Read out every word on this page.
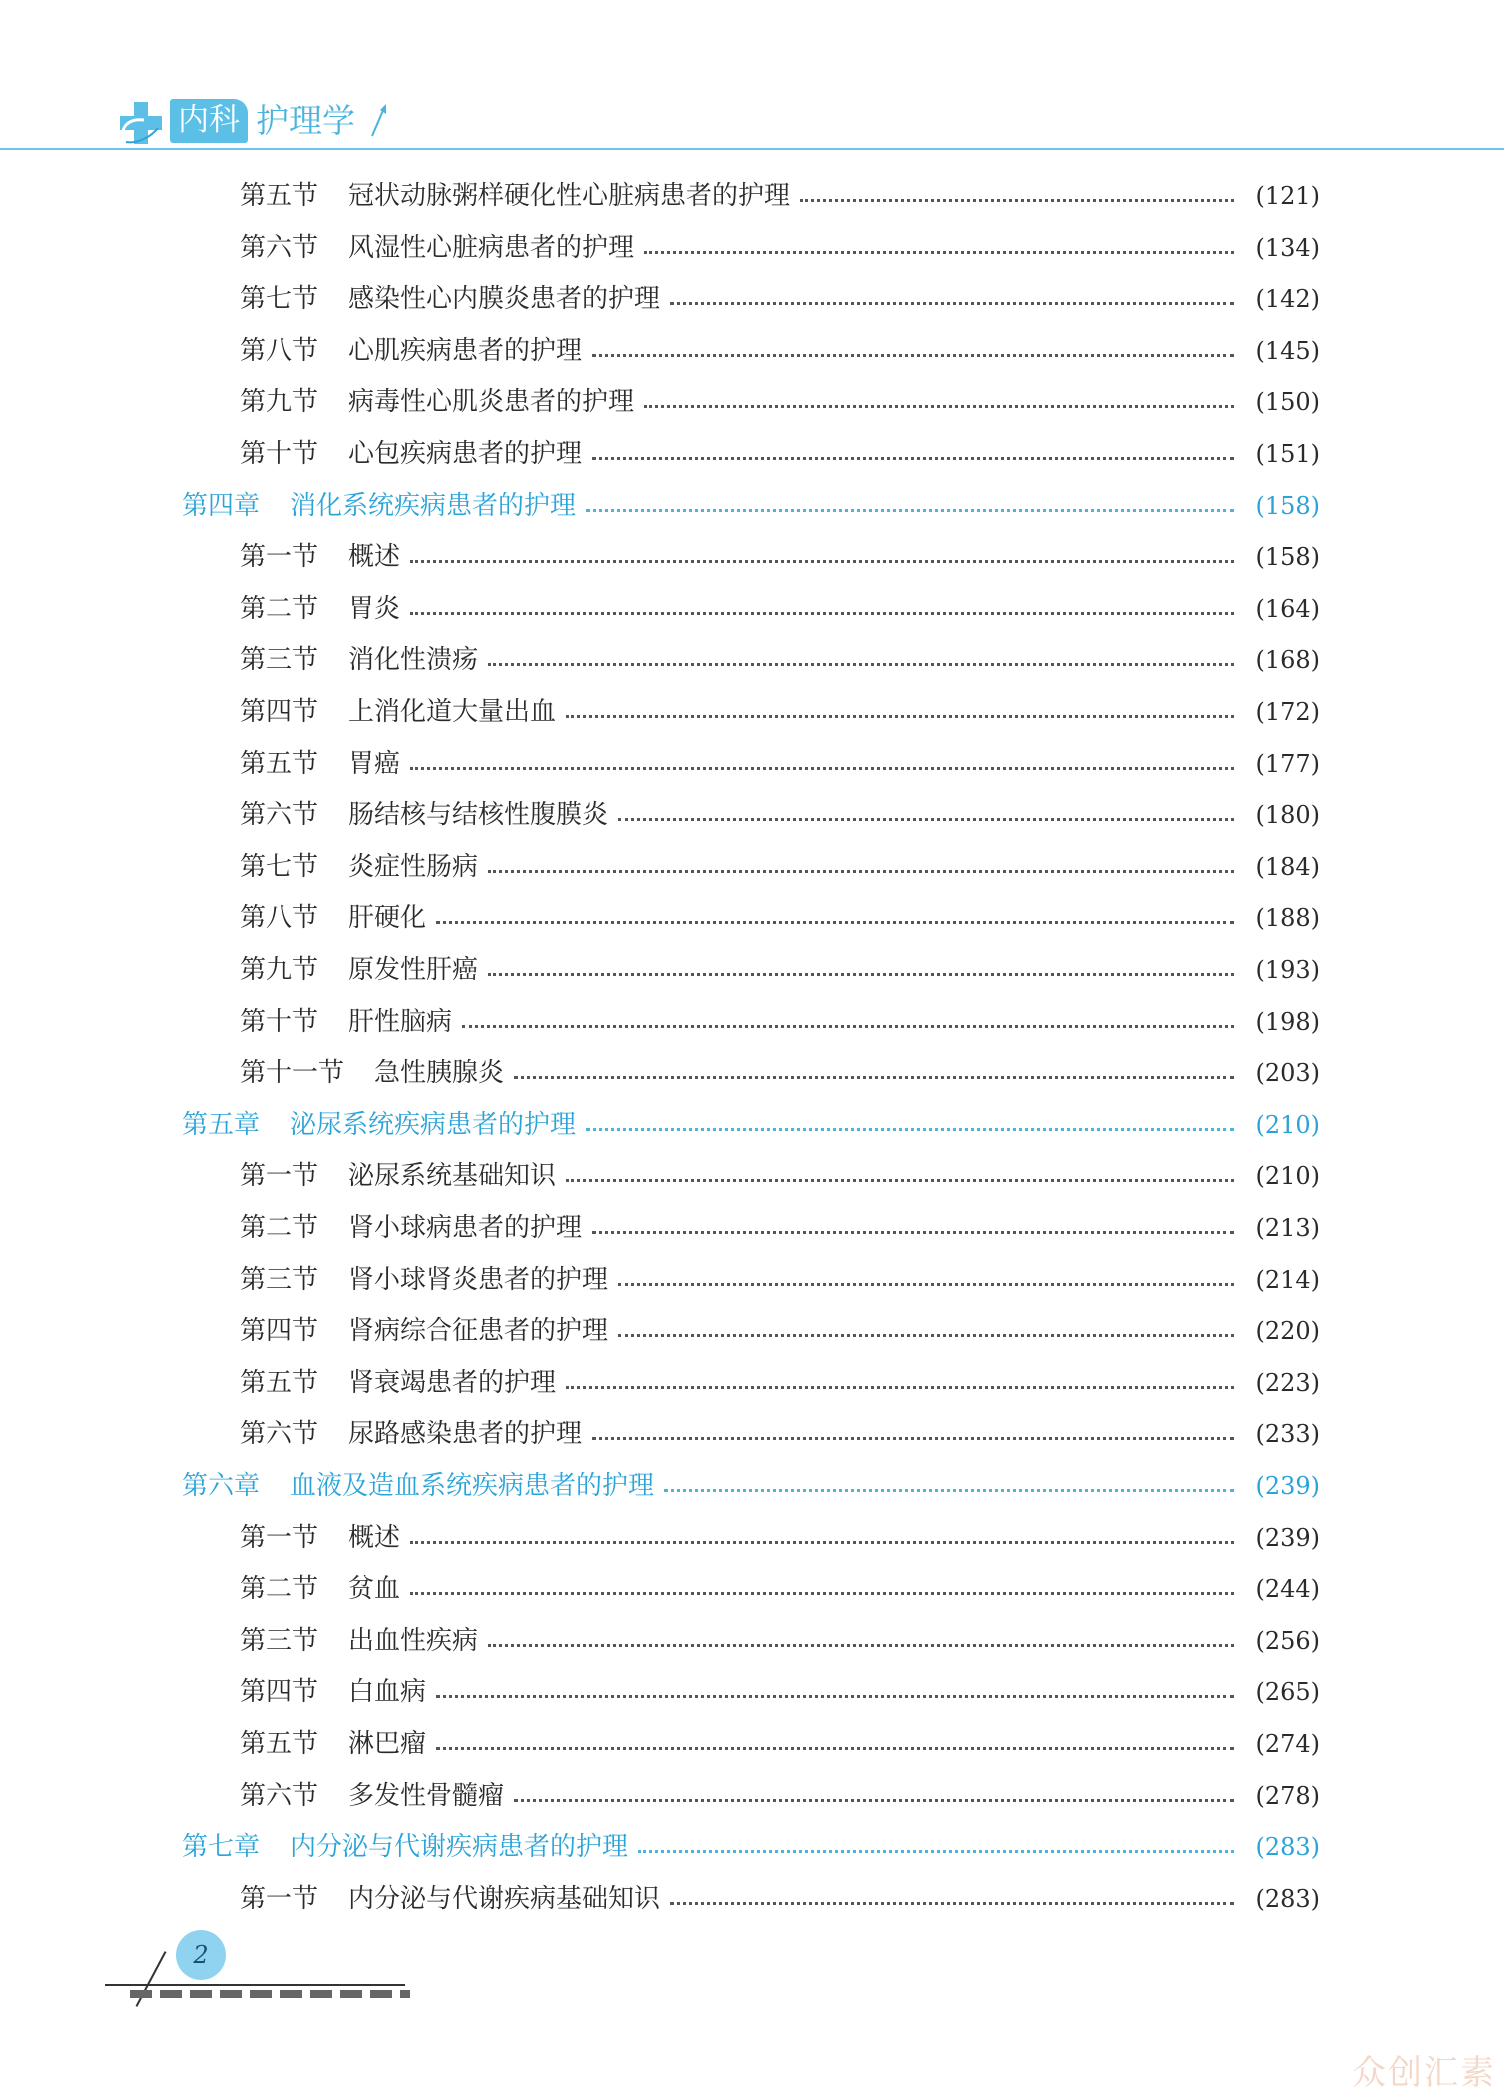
内科 护理学
第五节 冠状动脉粥样硬化性心脏病患者的护理	(121)
第六节 风湿性心脏病患者的护理	(134)
第七节 感染性心内膜炎患者的护理	(142)
第八节 心肌疾病患者的护理	(145)
第九节 病毒性心肌炎患者的护理	(150)
第十节 心包疾病患者的护理	(151)
第四章 消化系统疾病患者的护理	(158)
第一节 概述	(158)
第二节 胃炎	(164)
第三节 消化性溃疡	(168)
第四节 上消化道大量出血	(172)
第五节 胃癌	(177)
第六节 肠结核与结核性腹膜炎	(180)
第七节 炎症性肠病	(184)
第八节 肝硬化	(188)
第九节 原发性肝癌	(193)
第十节 肝性脑病	(198)
第十一节 急性胰腺炎	(203)
第五章 泌尿系统疾病患者的护理	(210)
第一节 泌尿系统基础知识	(210)
第二节 肾小球病患者的护理	(213)
第三节 肾小球肾炎患者的护理	(214)
第四节 肾病综合征患者的护理	(220)
第五节 肾衰竭患者的护理	(223)
第六节 尿路感染患者的护理	(233)
第六章 血液及造血系统疾病患者的护理	(239)
第一节 概述	(239)
第二节 贫血	(244)
第三节 出血性疾病	(256)
第四节 白血病	(265)
第五节 淋巴瘤	(274)
第六节 多发性骨髓瘤	(278)
第七章 内分泌与代谢疾病患者的护理	(283)
第一节 内分泌与代谢疾病基础知识	(283)
2
众创汇素
